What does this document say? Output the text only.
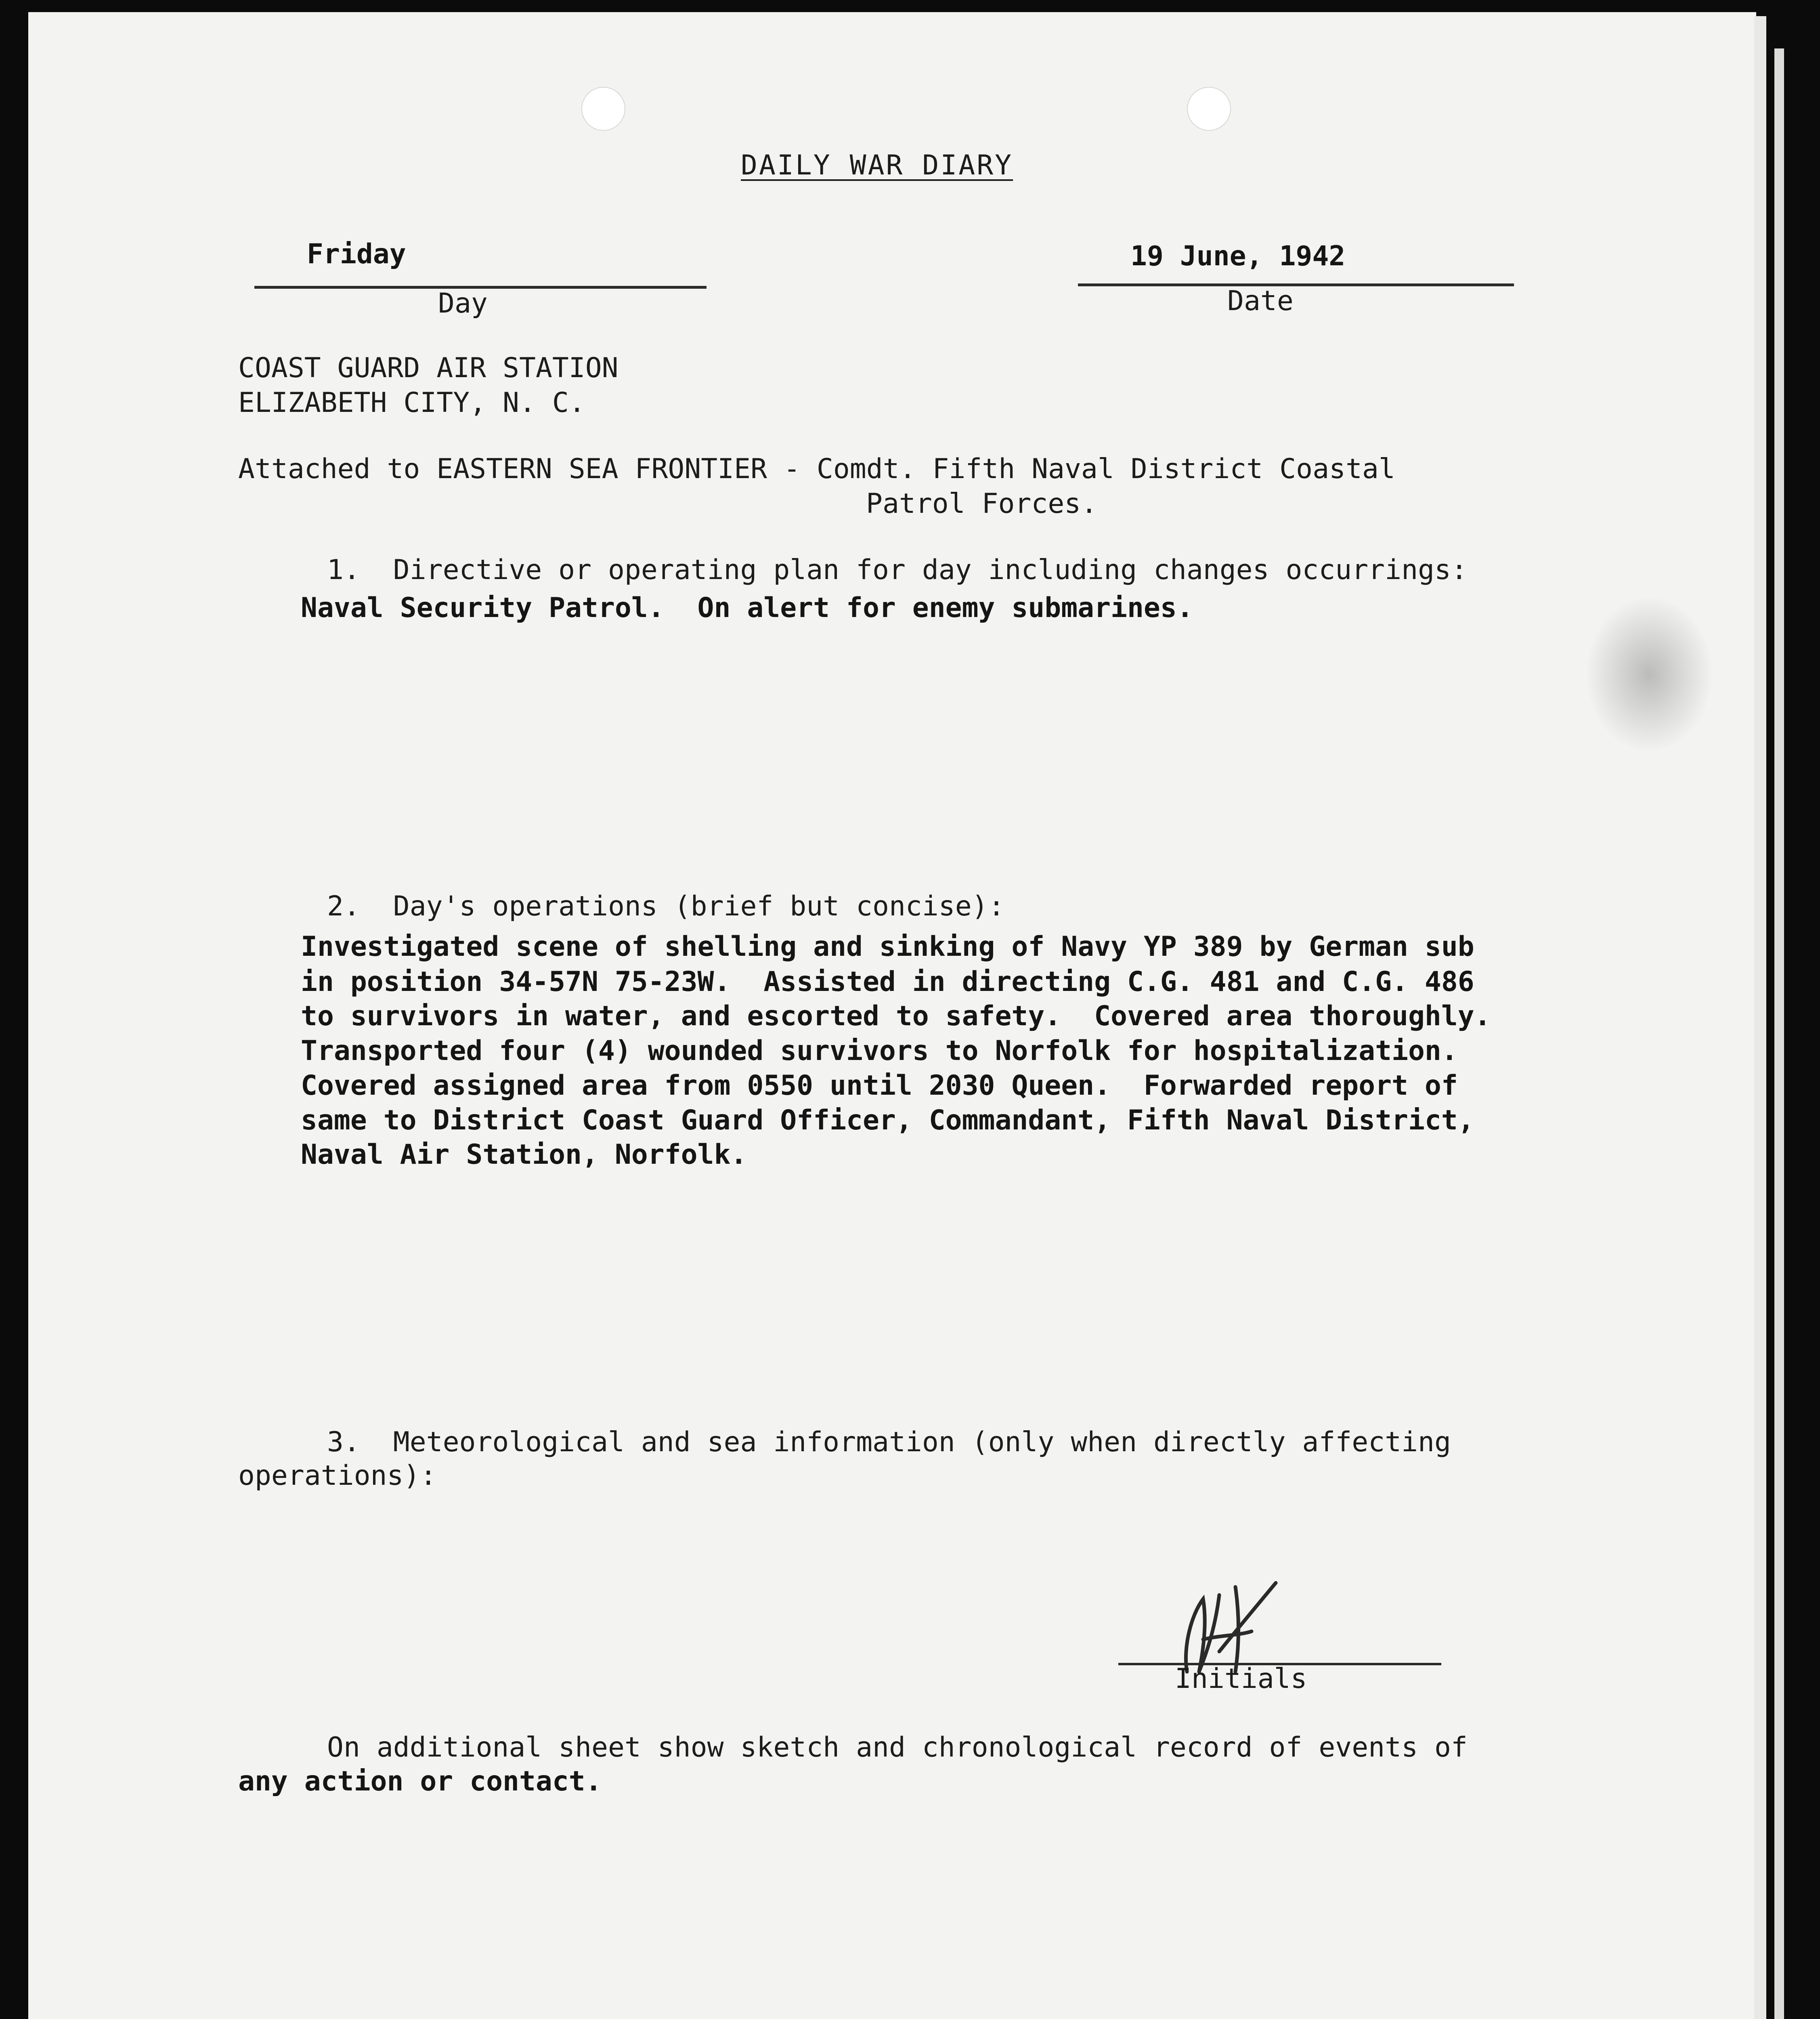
DAILY WAR DIARY
Friday
Day
19 June, 1942
Date
COAST GUARD AIR STATION
ELIZABETH CITY, N. C.
Attached to EASTERN SEA FRONTIER - Comdt. Fifth Naval District Coastal
Patrol Forces.
1.  Directive or operating plan for day including changes occurrings:
Naval Security Patrol.  On alert for enemy submarines.
2.  Day's operations (brief but concise):
Investigated scene of shelling and sinking of Navy YP 389 by German sub
in position 34-57N 75-23W.  Assisted in directing C.G. 481 and C.G. 486
to survivors in water, and escorted to safety.  Covered area thoroughly.
Transported four (4) wounded survivors to Norfolk for hospitalization.
Covered assigned area from 0550 until 2030 Queen.  Forwarded report of
same to District Coast Guard Officer, Commandant, Fifth Naval District,
Naval Air Station, Norfolk.
3.  Meteorological and sea information (only when directly affecting
operations):
Initials
On additional sheet show sketch and chronological record of events of
any action or contact.
